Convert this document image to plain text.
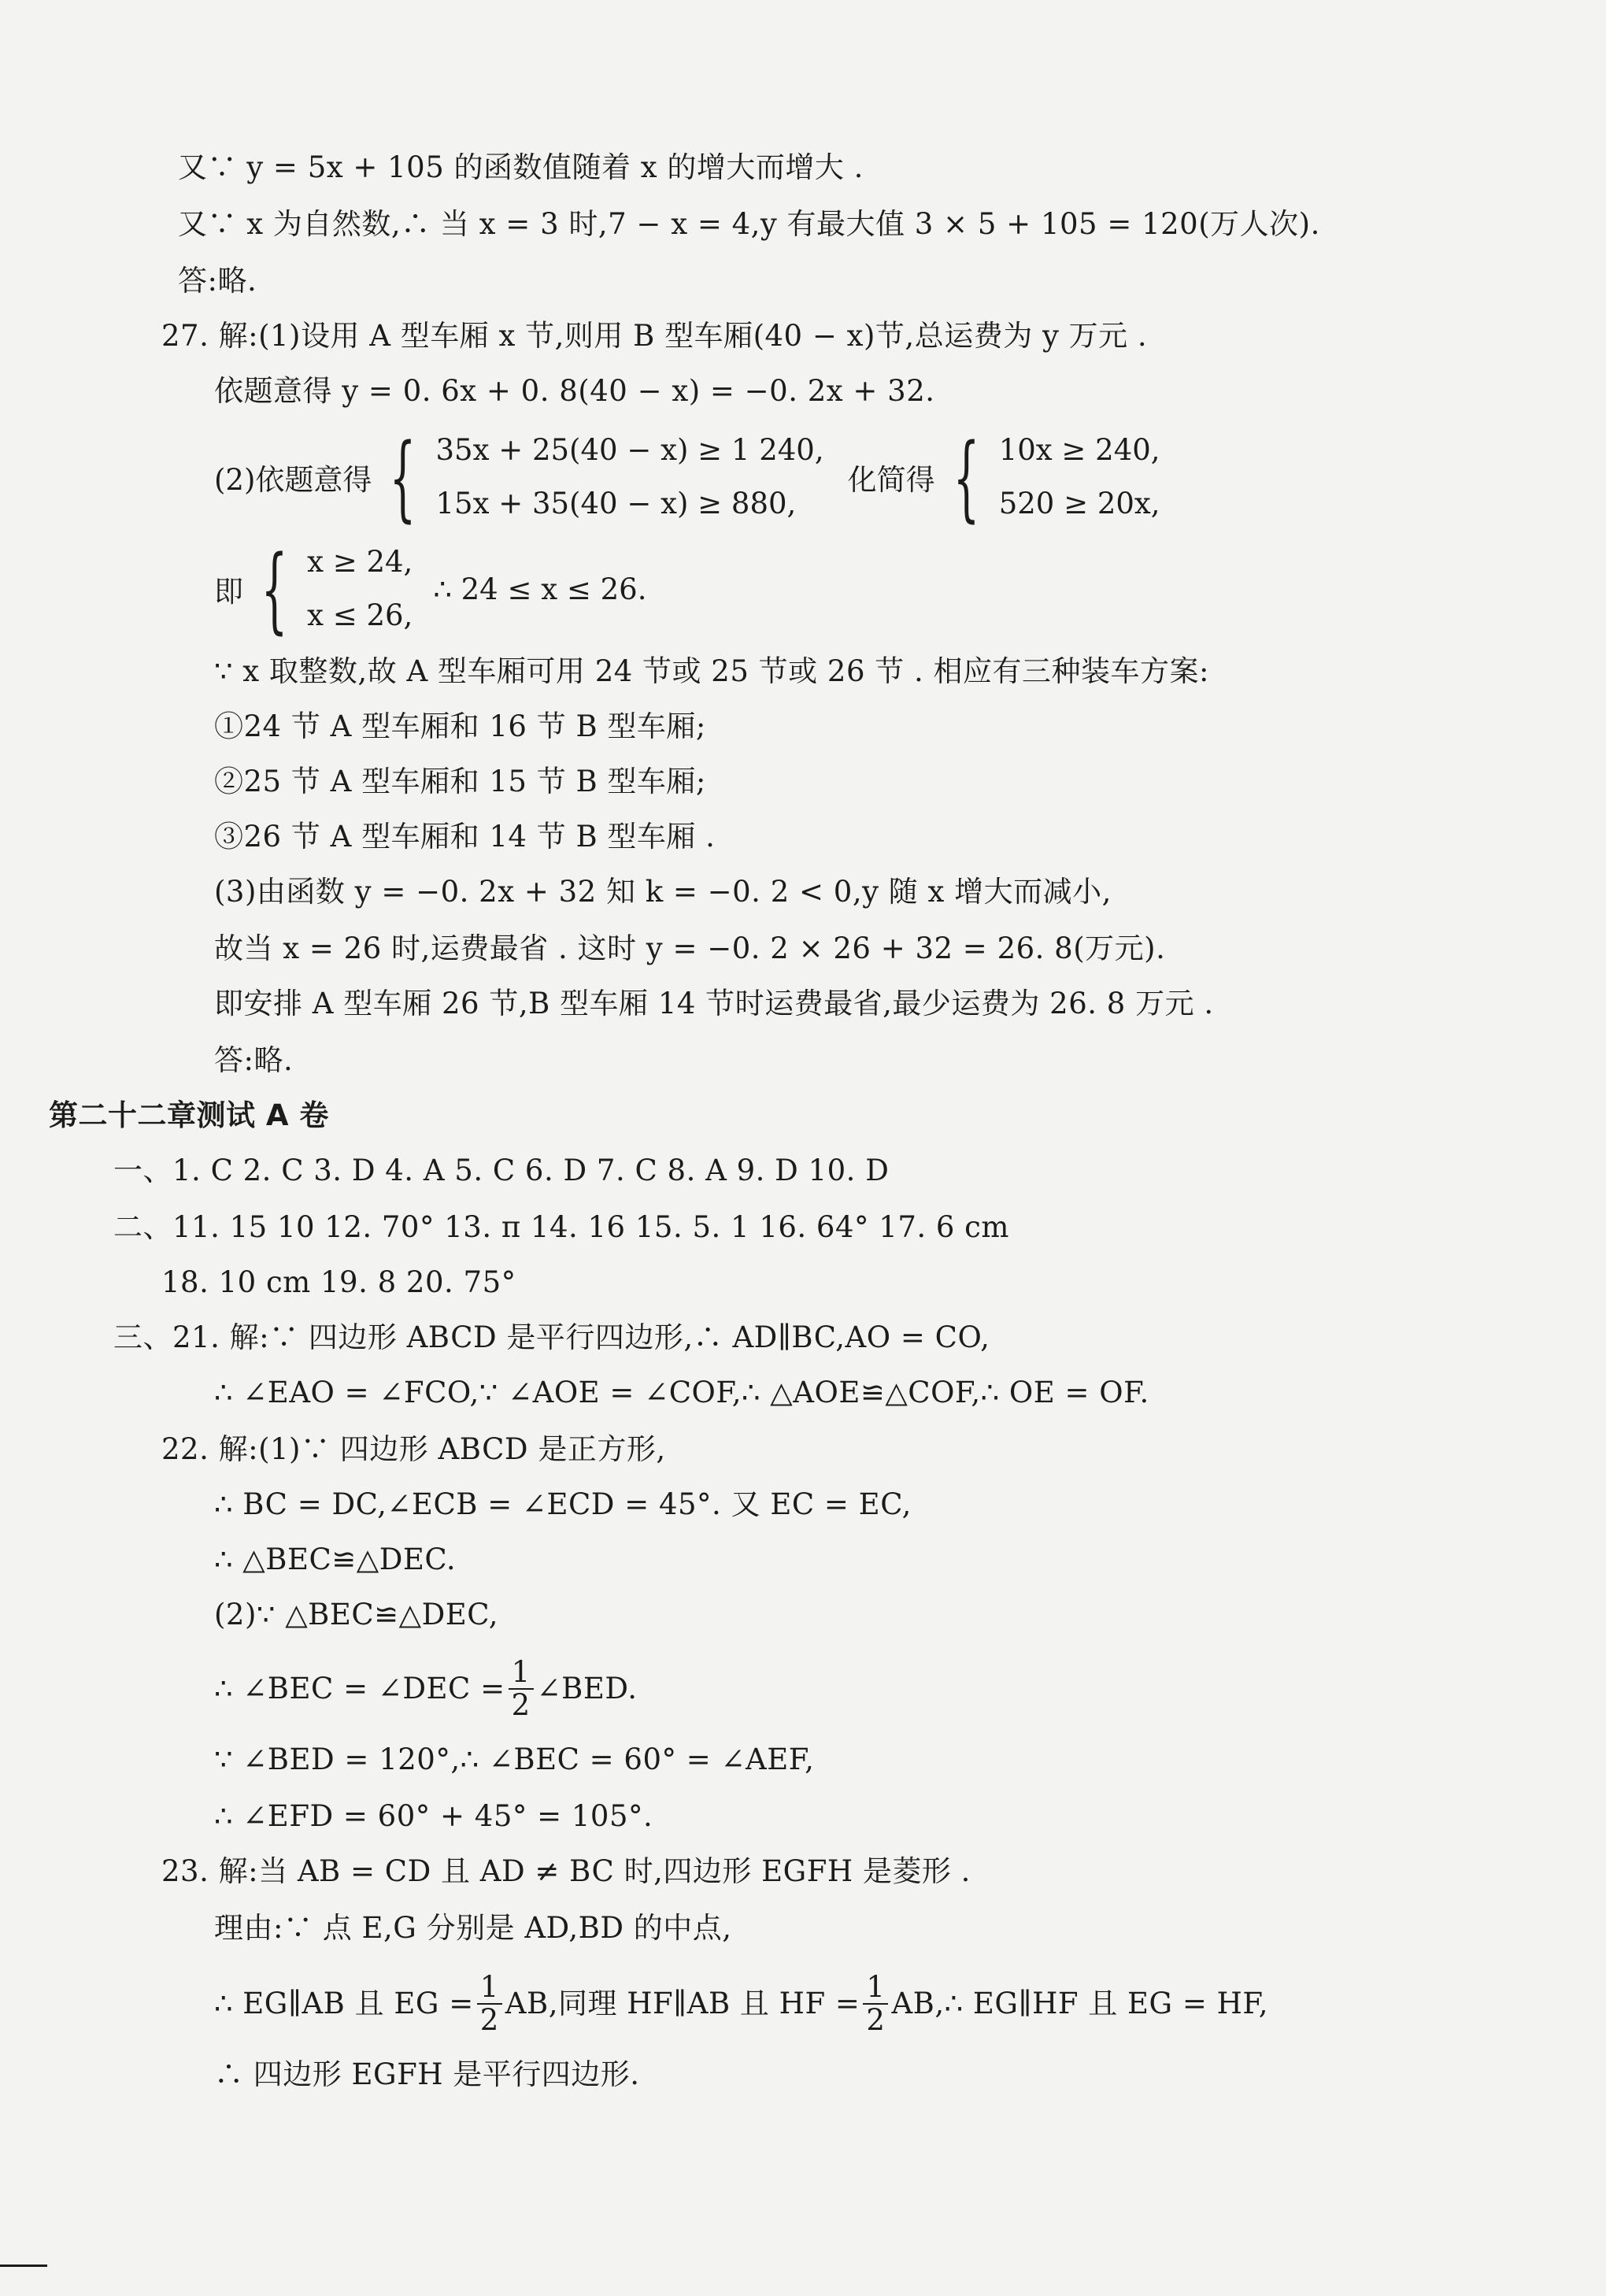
又∵ y = 5x + 105 的函数值随着 x 的增大而增大 .
又∵ x 为自然数,∴ 当 x = 3 时,7 − x = 4,y 有最大值 3 × 5 + 105 = 120(万人次).
答:略.
27. 解:(1)设用 A 型车厢 x 节,则用 B 型车厢(40 − x)节,总运费为 y 万元 .
依题意得 y = 0. 6x + 0. 8(40 − x) = −0. 2x + 32.
(2)依题意得 { 35x + 25(40 − x) ≥ 1 240,
15x + 35(40 − x) ≥ 880,
化简得 { 10x ≥ 240,
520 ≥ 20x,
即 { x ≥ 24,
x ≤ 26,
∴ 24 ≤ x ≤ 26.
∵ x 取整数,故 A 型车厢可用 24 节或 25 节或 26 节 . 相应有三种装车方案:
①24 节 A 型车厢和 16 节 B 型车厢;
②25 节 A 型车厢和 15 节 B 型车厢;
③26 节 A 型车厢和 14 节 B 型车厢 .
(3)由函数 y = −0. 2x + 32 知 k = −0. 2 < 0,y 随 x 增大而减小,
故当 x = 26 时,运费最省 . 这时 y = −0. 2 × 26 + 32 = 26. 8(万元).
即安排 A 型车厢 26 节,B 型车厢 14 节时运费最省,最少运费为 26. 8 万元 .
答:略.
第二十二章测试 A 卷
一、1. C 2. C 3. D 4. A 5. C 6. D 7. C 8. A 9. D 10. D
二、11. 15 10 12. 70° 13. π 14. 16 15. 5. 1 16. 64° 17. 6 cm
18. 10 cm 19. 8 20. 75°
三、21. 解:∵ 四边形 ABCD 是平行四边形,∴ AD∥BC,AO = CO,
∴ ∠EAO = ∠FCO,∵ ∠AOE = ∠COF,∴ △AOE≌△COF,∴ OE = OF.
22. 解:(1)∵ 四边形 ABCD 是正方形,
∴ BC = DC,∠ECB = ∠ECD = 45°. 又 EC = EC,
∴ △BEC≌△DEC.
(2)∵ △BEC≌△DEC,
∴ ∠BEC = ∠DEC = $\frac{1}{2}$ ∠BED.
∵ ∠BED = 120°,∴ ∠BEC = 60° = ∠AEF,
∴ ∠EFD = 60° + 45° = 105°.
23. 解:当 AB = CD 且 AD ≠ BC 时,四边形 EGFH 是菱形 .
理由:∵ 点 E,G 分别是 AD,BD 的中点,
∴ EG∥AB 且 EG = $\frac{1}{2}$ AB,同理 HF∥AB 且 HF = $\frac{1}{2}$ AB,∴ EG∥HF 且 EG = HF,
∴ 四边形 EGFH 是平行四边形.
